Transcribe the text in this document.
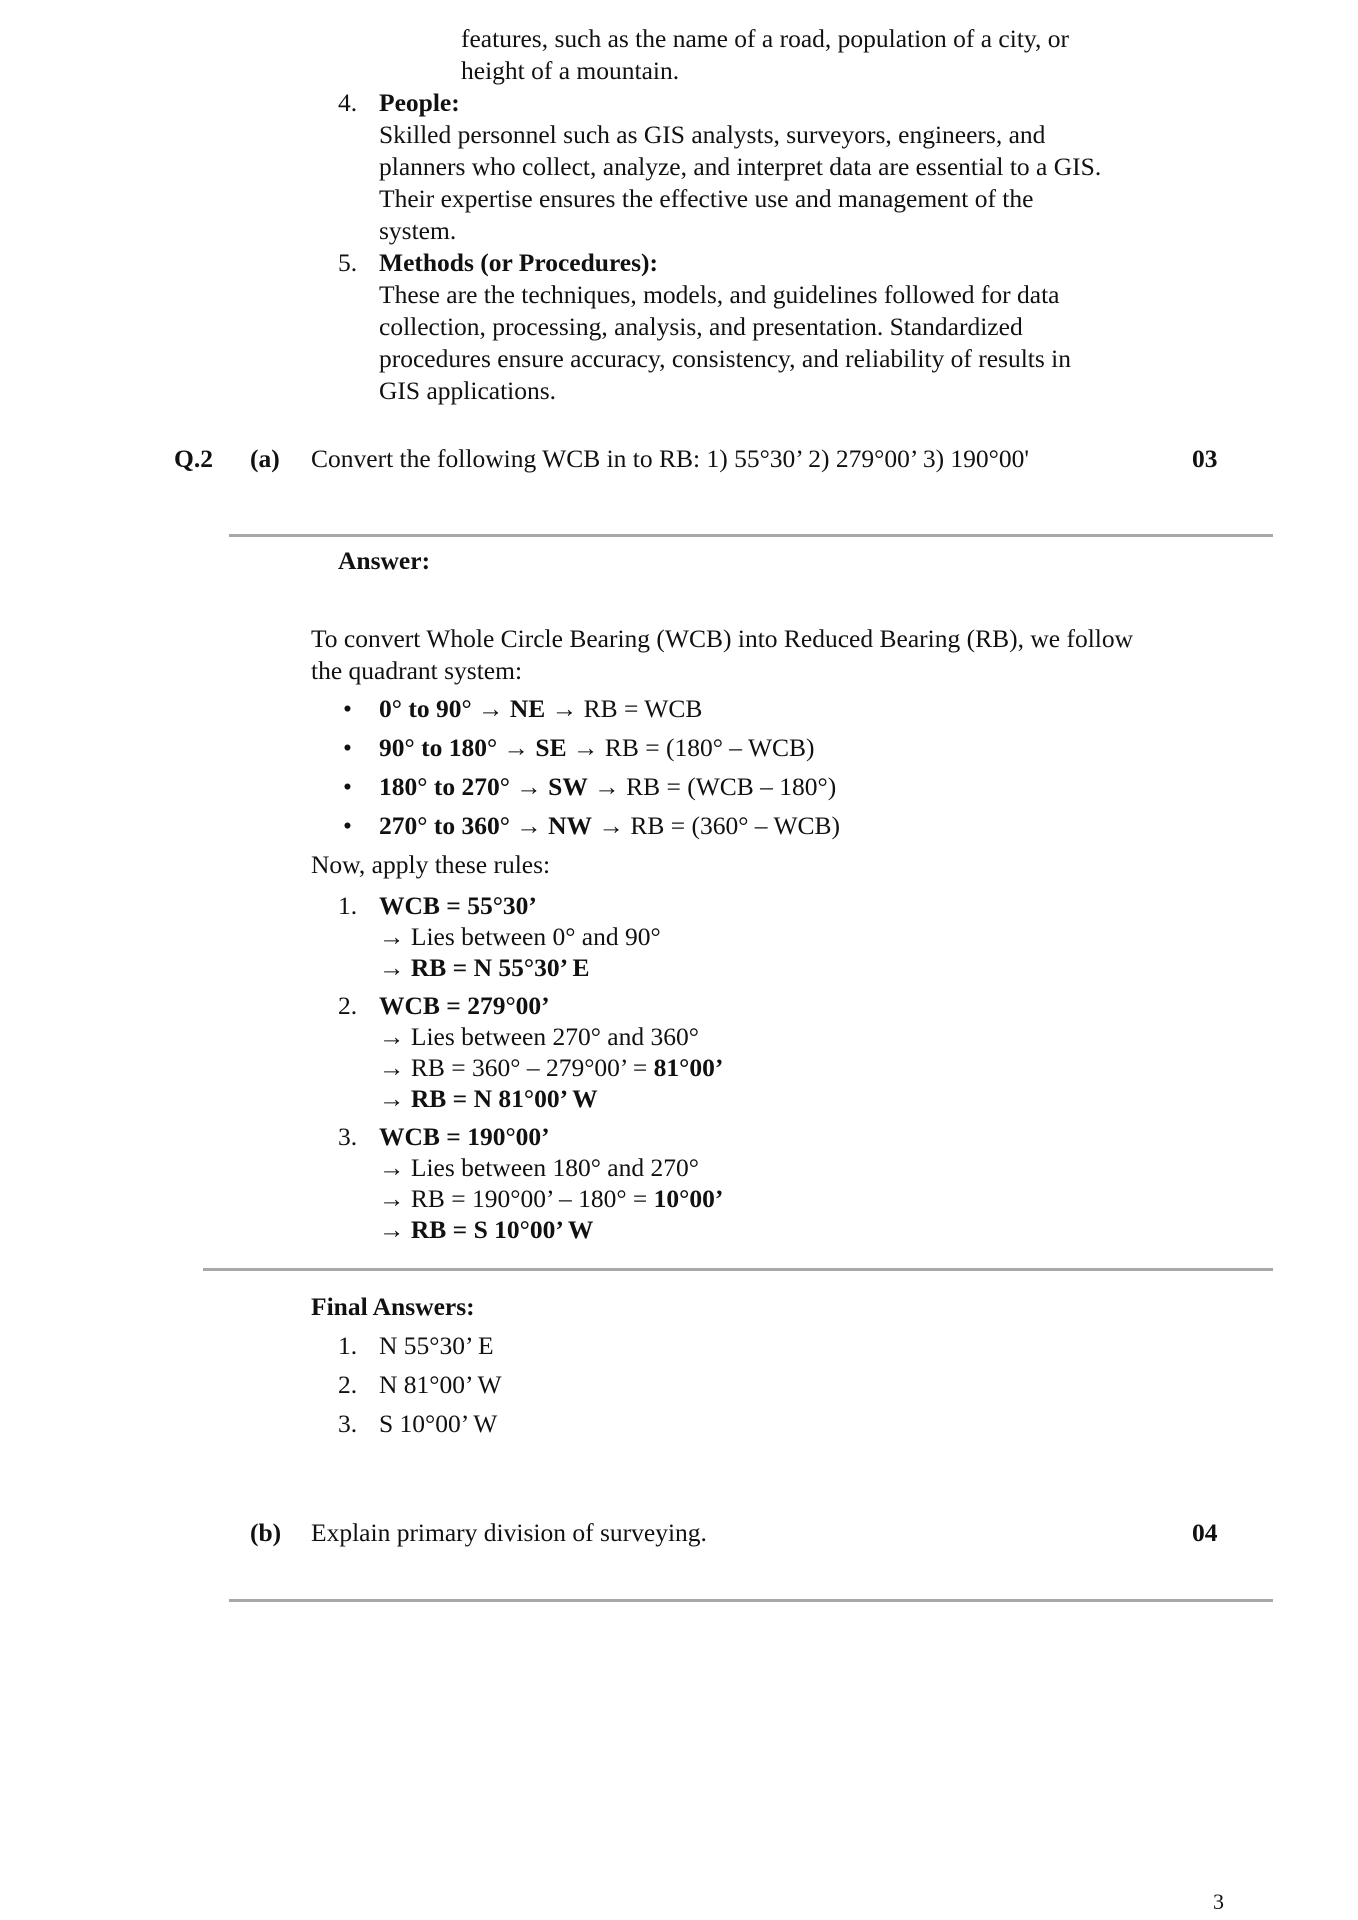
features, such as the name of a road, population of a city, or
height of a mountain.
4. People:
Skilled personnel such as GIS analysts, surveyors, engineers, and
planners who collect, analyze, and interpret data are essential to a GIS.
Their expertise ensures the effective use and management of the
system.
5. Methods (or Procedures):
These are the techniques, models, and guidelines followed for data
collection, processing, analysis, and presentation. Standardized
procedures ensure accuracy, consistency, and reliability of results in
GIS applications.
Q.2 (a) Convert the following WCB in to RB: 1) 55°30’ 2) 279°00’ 3) 190°00'	03
Answer:
To convert Whole Circle Bearing (WCB) into Reduced Bearing (RB), we follow
the quadrant system:
• 0° to 90° → NE → RB = WCB
• 90° to 180° → SE → RB = (180° – WCB)
• 180° to 270° → SW → RB = (WCB – 180°)
• 270° to 360° → NW → RB = (360° – WCB)
Now, apply these rules:
1. WCB = 55°30’
→ Lies between 0° and 90°
→ RB = N 55°30’ E
2. WCB = 279°00’
→ Lies between 270° and 360°
→ RB = 360° – 279°00’ = 81°00’
→ RB = N 81°00’ W
3. WCB = 190°00’
→ Lies between 180° and 270°
→ RB = 190°00’ – 180° = 10°00’
→ RB = S 10°00’ W
Final Answers:
1. N 55°30’ E
2. N 81°00’ W
3. S 10°00’ W
(b) Explain primary division of surveying.	04
3
